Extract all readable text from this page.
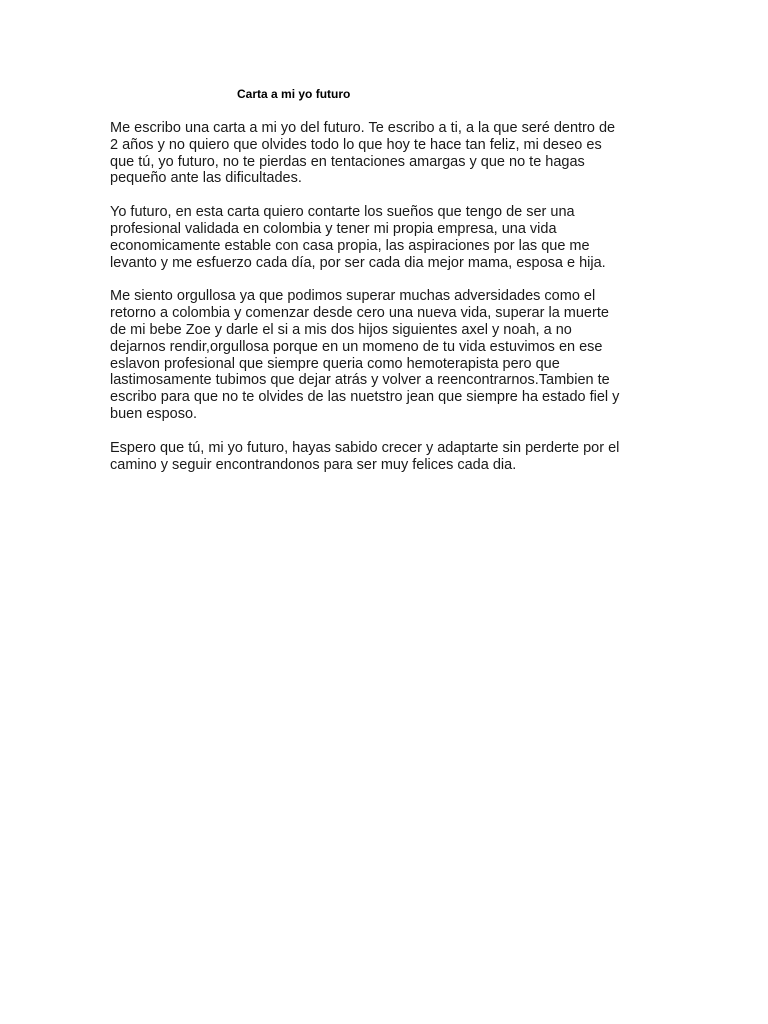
Carta a mi yo futuro

Me escribo una carta a mi yo del futuro. Te escribo a ti, a la que seré dentro de
2 años y no quiero que olvides todo lo que hoy te hace tan feliz, mi deseo es
que tú, yo futuro, no te pierdas en tentaciones amargas y que no te hagas
pequeño ante las dificultades.

Yo futuro, en esta carta quiero contarte los sueños que tengo de ser una
profesional validada en colombia y tener mi propia empresa, una vida
economicamente estable con casa propia, las aspiraciones por las que me
levanto y me esfuerzo cada día, por ser cada dia mejor mama, esposa e hija.

Me siento orgullosa ya que podimos superar muchas adversidades como el
retorno a colombia y comenzar desde cero una nueva vida, superar la muerte
de mi bebe Zoe y darle el si a mis dos hijos siguientes axel y noah, a no
dejarnos rendir,orgullosa porque en un momeno de tu vida estuvimos en ese
eslavon profesional que siempre queria como hemoterapista pero que
lastimosamente tubimos que dejar atrás y volver a reencontrarnos.Tambien te
escribo para que no te olvides de las nuetstro jean que siempre ha estado fiel y
buen esposo.

Espero que tú, mi yo futuro, hayas sabido crecer y adaptarte sin perderte por el
camino y seguir encontrandonos para ser muy felices cada dia.
